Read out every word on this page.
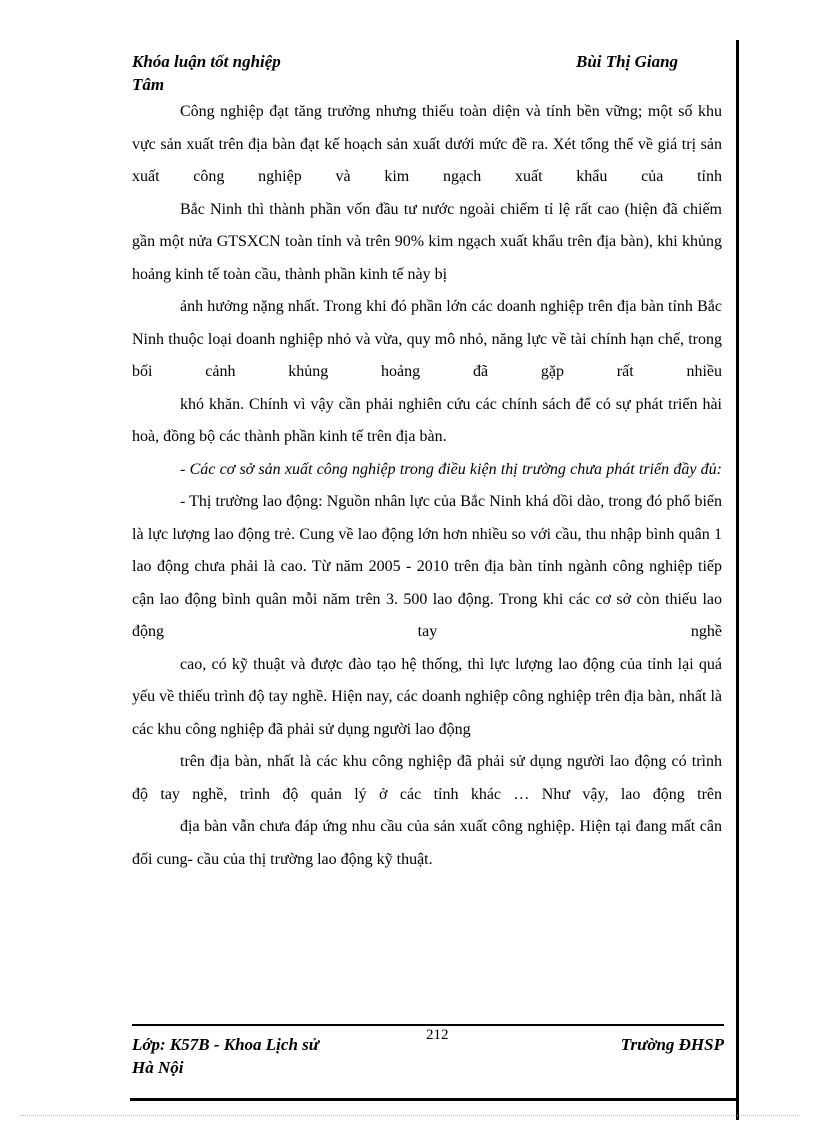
Khóa luận tốt nghiệp	Bùi Thị Giang
Tâm

Công nghiệp đạt tăng trưởng nhưng thiếu toàn diện và tính bền vững; một số khu vực sản xuất trên địa bàn đạt kế hoạch sản xuất dưới mức đề ra. Xét tổng thể về giá trị sản xuất công nghiệp và kim ngạch xuất khẩu của tỉnh

Bắc Ninh thì thành phần vốn đầu tư nước ngoài chiếm tỉ lệ rất cao (hiện đã chiếm gần một nửa GTSXCN toàn tỉnh và trên 90% kim ngạch xuất khẩu trên địa bàn), khi khủng hoảng kinh tế toàn cầu, thành phần kinh tế này bị

ảnh hưởng nặng nhất. Trong khi đó phần lớn các doanh nghiệp trên địa bàn tỉnh Bắc Ninh thuộc loại doanh nghiệp nhỏ và vừa, quy mô nhỏ, năng lực về tài chính hạn chế, trong bối cảnh khủng hoảng đã gặp rất nhiều

khó khăn. Chính vì vậy cần phải nghiên cứu các chính sách để có sự phát triển hài hoà, đồng bộ các thành phần kinh tế trên địa bàn.

- Các cơ sở sản xuất công nghiệp trong điều kiện thị trường chưa phát triển đầy đủ:

- Thị trường lao động: Nguồn nhân lực của Bắc Ninh khá dồi dào, trong đó phổ biến là lực lượng lao động trẻ. Cung về lao động lớn hơn nhiều so với cầu, thu nhập bình quân 1 lao động chưa phải là cao. Từ năm 2005 - 2010 trên địa bàn tỉnh ngành công nghiệp tiếp cận lao động bình quân mỗi năm trên 3. 500 lao động. Trong khi các cơ sở còn thiếu lao động tay nghề

cao, có kỹ thuật và được đào tạo hệ thống, thì lực lượng lao động của tỉnh lại quá yếu về thiếu trình độ tay nghề. Hiện nay, các doanh nghiệp công nghiệp trên địa bàn, nhất là các khu công nghiệp đã phải sử dụng người lao động

trên địa bàn, nhất là các khu công nghiệp đã phải sử dụng người lao động có trình độ tay nghề, trình độ quản lý ở các tỉnh khác … Như vậy, lao động trên

địa bàn vẫn chưa đáp ứng nhu cầu của sản xuất công nghiệp. Hiện tại đang mất cân đối cung- cầu của thị trường lao động kỹ thuật.

Lớp: K57B - Khoa Lịch sử	Trường ĐHSP
Hà Nội
212
